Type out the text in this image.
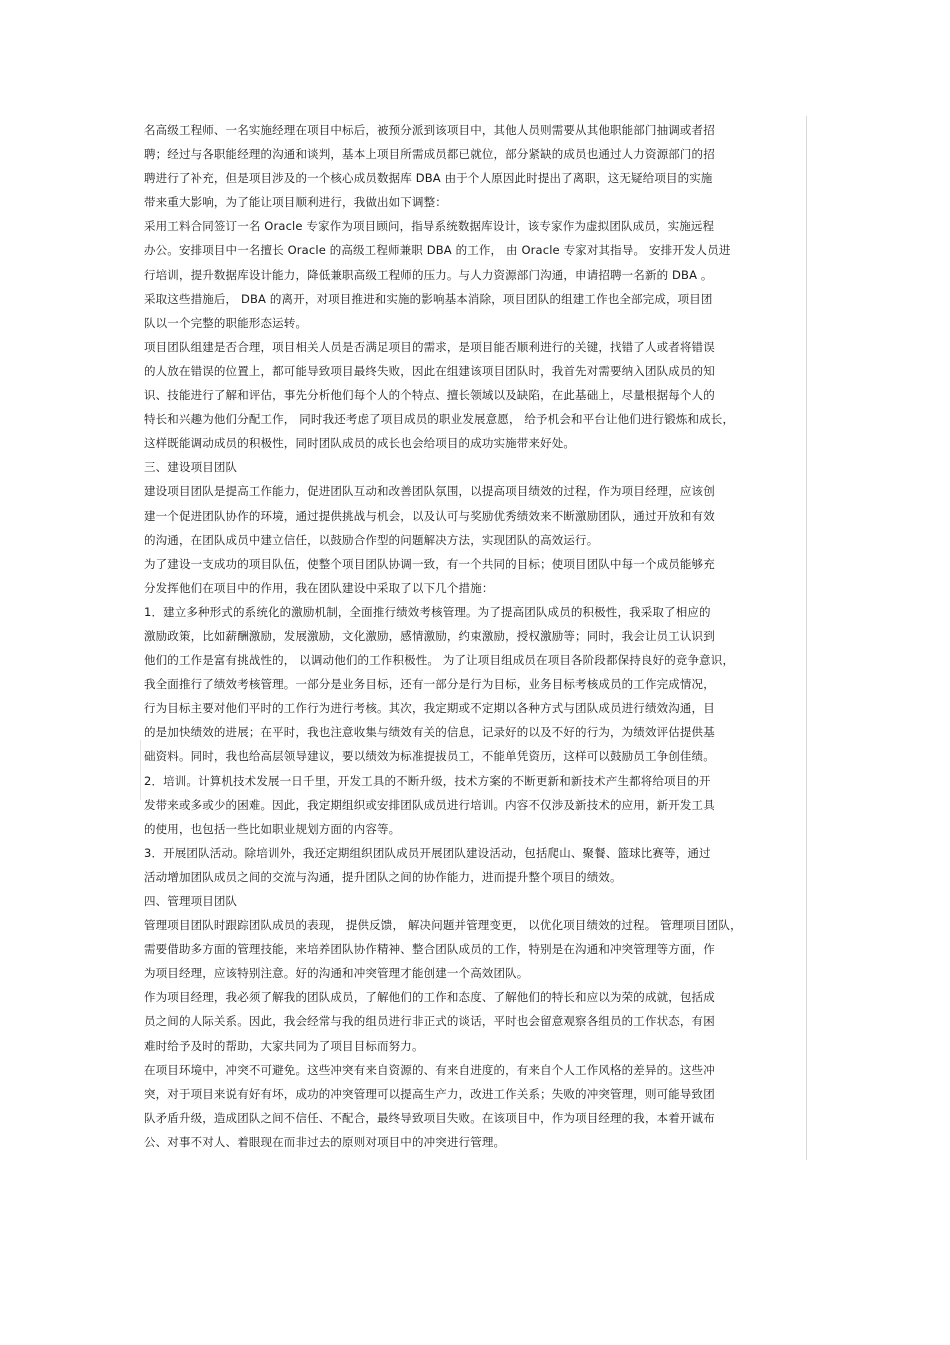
名高级工程师、一名实施经理在项目中标后，被预分派到该项目中，其他人员则需要从其他职能部门抽调或者招
聘；经过与各职能经理的沟通和谈判，基本上项目所需成员都已就位，部分紧缺的成员也通过人力资源部门的招
聘进行了补充，但是项目涉及的一个核心成员数据库 DBA 由于个人原因此时提出了离职，这无疑给项目的实施
带来重大影响，为了能让项目顺利进行，我做出如下调整：
采用工料合同签订一名 Oracle 专家作为项目顾问，指导系统数据库设计，该专家作为虚拟团队成员，实施远程
办公。安排项目中一名擅长 Oracle 的高级工程师兼职 DBA 的工作， 由 Oracle 专家对其指导。 安排开发人员进
行培训，提升数据库设计能力，降低兼职高级工程师的压力。与人力资源部门沟通，申请招聘一名新的 DBA 。
采取这些措施后， DBA 的离开，对项目推进和实施的影响基本消除，项目团队的组建工作也全部完成，项目团
队以一个完整的职能形态运转。
项目团队组建是否合理，项目相关人员是否满足项目的需求，是项目能否顺利进行的关键，找错了人或者将错误
的人放在错误的位置上，都可能导致项目最终失败，因此在组建该项目团队时，我首先对需要纳入团队成员的知
识、技能进行了解和评估，事先分析他们每个人的个特点、擅长领域以及缺陷，在此基础上，尽量根据每个人的
特长和兴趣为他们分配工作， 同时我还考虑了项目成员的职业发展意愿， 给予机会和平台让他们进行锻炼和成长，
这样既能调动成员的积极性，同时团队成员的成长也会给项目的成功实施带来好处。
三、建设项目团队
建设项目团队是提高工作能力，促进团队互动和改善团队氛围，以提高项目绩效的过程，作为项目经理，应该创
建一个促进团队协作的环境，通过提供挑战与机会，以及认可与奖励优秀绩效来不断激励团队，通过开放和有效
的沟通，在团队成员中建立信任，以鼓励合作型的问题解决方法，实现团队的高效运行。
为了建设一支成功的项目队伍，使整个项目团队协调一致，有一个共同的目标；使项目团队中每一个成员能够充
分发挥他们在项目中的作用，我在团队建设中采取了以下几个措施：
1．建立多种形式的系统化的激励机制，全面推行绩效考核管理。为了提高团队成员的积极性，我采取了相应的
激励政策，比如薪酬激励，发展激励，文化激励，感情激励，约束激励，授权激励等；同时，我会让员工认识到
他们的工作是富有挑战性的， 以调动他们的工作积极性。 为了让项目组成员在项目各阶段都保持良好的竞争意识，
我全面推行了绩效考核管理。一部分是业务目标，还有一部分是行为目标，业务目标考核成员的工作完成情况，
行为目标主要对他们平时的工作行为进行考核。其次，我定期或不定期以各种方式与团队成员进行绩效沟通，目
的是加快绩效的进展；在平时，我也注意收集与绩效有关的信息，记录好的以及不好的行为，为绩效评估提供基
础资料。同时，我也给高层领导建议，要以绩效为标准提拔员工，不能单凭资历，这样可以鼓励员工争创佳绩。
2．培训。计算机技术发展一日千里，开发工具的不断升级，技术方案的不断更新和新技术产生都将给项目的开
发带来或多或少的困难。因此，我定期组织或安排团队成员进行培训。内容不仅涉及新技术的应用，新开发工具
的使用，也包括一些比如职业规划方面的内容等。
3．开展团队活动。除培训外，我还定期组织团队成员开展团队建设活动，包括爬山、聚餐、篮球比赛等，通过
活动增加团队成员之间的交流与沟通，提升团队之间的协作能力，进而提升整个项目的绩效。
四、管理项目团队
管理项目团队时跟踪团队成员的表现， 提供反馈， 解决问题并管理变更， 以优化项目绩效的过程。 管理项目团队，
需要借助多方面的管理技能，来培养团队协作精神、整合团队成员的工作，特别是在沟通和冲突管理等方面，作
为项目经理，应该特别注意。好的沟通和冲突管理才能创建一个高效团队。
作为项目经理，我必须了解我的团队成员，了解他们的工作和态度、了解他们的特长和应以为荣的成就，包括成
员之间的人际关系。因此，我会经常与我的组员进行非正式的谈话，平时也会留意观察各组员的工作状态，有困
难时给予及时的帮助，大家共同为了项目目标而努力。
在项目环境中，冲突不可避免。这些冲突有来自资源的、有来自进度的，有来自个人工作风格的差异的。这些冲
突，对于项目来说有好有坏，成功的冲突管理可以提高生产力，改进工作关系；失败的冲突管理，则可能导致团
队矛盾升级，造成团队之间不信任、不配合，最终导致项目失败。在该项目中，作为项目经理的我，本着开诚布
公、对事不对人、着眼现在而非过去的原则对项目中的冲突进行管理。
